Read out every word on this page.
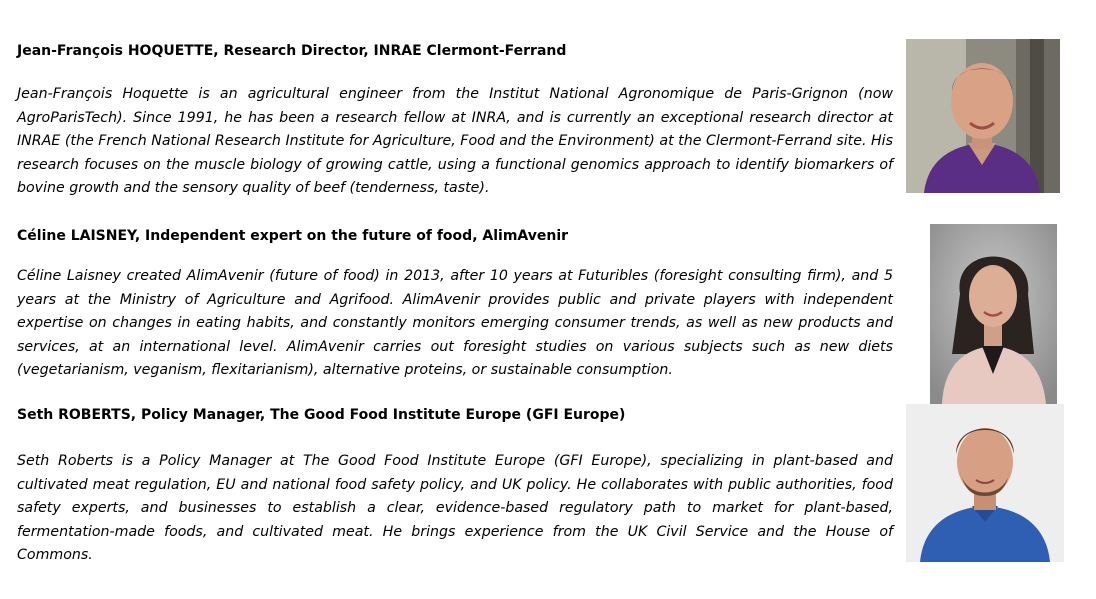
Jean-François HOQUETTE, Research Director, INRAE Clermont-Ferrand

Jean-François Hoquette is an agricultural engineer from the Institut National Agronomique de Paris-Grignon (now AgroParisTech). Since 1991, he has been a research fellow at INRA, and is currently an exceptional research director at INRAE (the French National Research Institute for Agriculture, Food and the Environment) at the Clermont-Ferrand site. His research focuses on the muscle biology of growing cattle, using a functional genomics approach to identify biomarkers of bovine growth and the sensory quality of beef (tenderness, taste).

Céline LAISNEY, Independent expert on the future of food, AlimAvenir

Céline Laisney created AlimAvenir (future of food) in 2013, after 10 years at Futuribles (foresight consulting firm), and 5 years at the Ministry of Agriculture and Agrifood. AlimAvenir provides public and private players with independent expertise on changes in eating habits, and constantly monitors emerging consumer trends, as well as new products and services, at an international level. AlimAvenir carries out foresight studies on various subjects such as new diets (vegetarianism, veganism, flexitarianism), alternative proteins, or sustainable consumption.

Seth ROBERTS, Policy Manager, The Good Food Institute Europe (GFI Europe)

Seth Roberts is a Policy Manager at The Good Food Institute Europe (GFI Europe), specializing in plant-based and cultivated meat regulation, EU and national food safety policy, and UK policy. He collaborates with public authorities, food safety experts, and businesses to establish a clear, evidence-based regulatory path to market for plant-based, fermentation-made foods, and cultivated meat. He brings experience from the UK Civil Service and the House of Commons.
